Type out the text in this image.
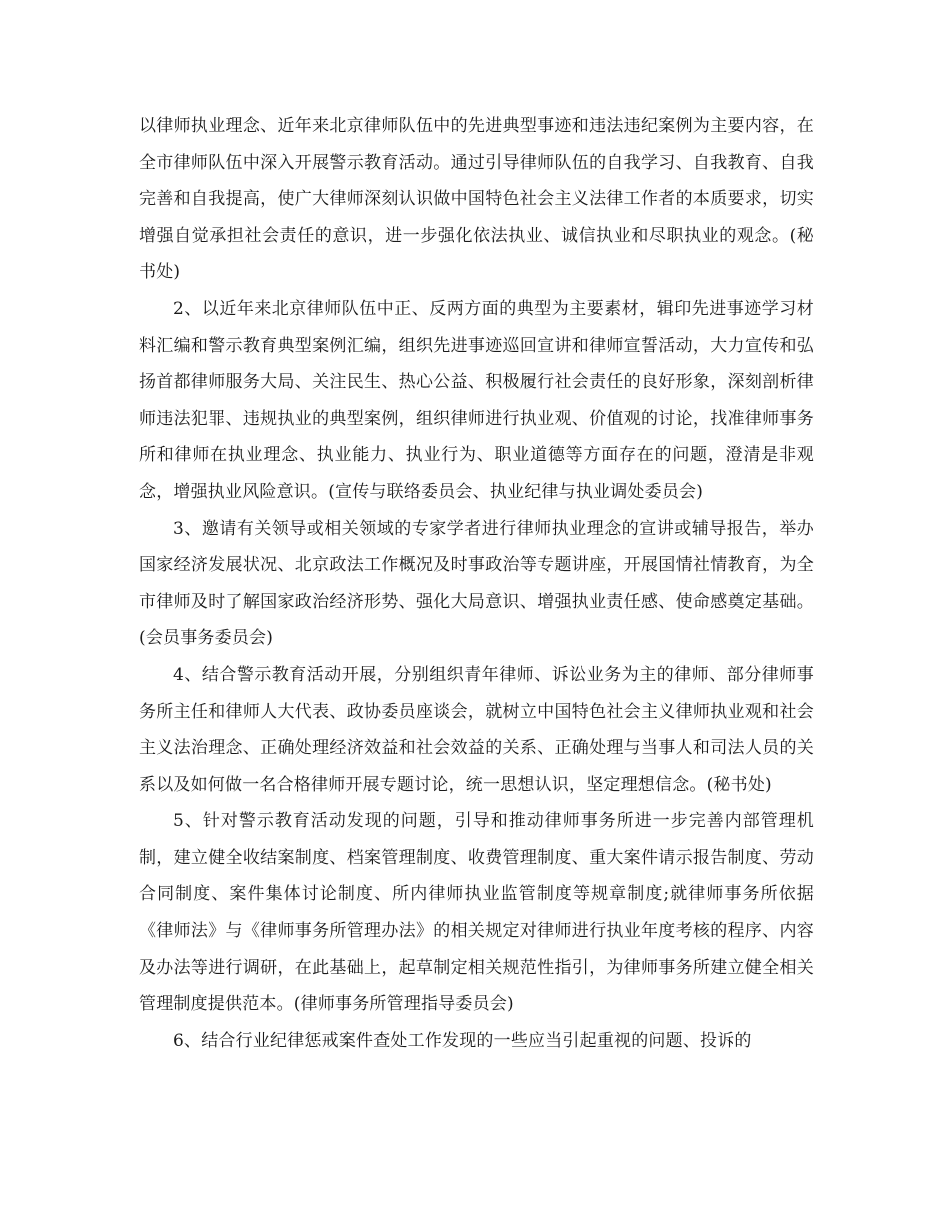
以律师执业理念、近年来北京律师队伍中的先进典型事迹和违法违纪案例为主要内容，在全市律师队伍中深入开展警示教育活动。通过引导律师队伍的自我学习、自我教育、自我完善和自我提高，使广大律师深刻认识做中国特色社会主义法律工作者的本质要求，切实增强自觉承担社会责任的意识，进一步强化依法执业、诚信执业和尽职执业的观念。(秘书处)

2、以近年来北京律师队伍中正、反两方面的典型为主要素材，辑印先进事迹学习材料汇编和警示教育典型案例汇编，组织先进事迹巡回宣讲和律师宣誓活动，大力宣传和弘扬首都律师服务大局、关注民生、热心公益、积极履行社会责任的良好形象，深刻剖析律师违法犯罪、违规执业的典型案例，组织律师进行执业观、价值观的讨论，找准律师事务所和律师在执业理念、执业能力、执业行为、职业道德等方面存在的问题，澄清是非观念，增强执业风险意识。(宣传与联络委员会、执业纪律与执业调处委员会)

3、邀请有关领导或相关领域的专家学者进行律师执业理念的宣讲或辅导报告，举办国家经济发展状况、北京政法工作概况及时事政治等专题讲座，开展国情社情教育，为全市律师及时了解国家政治经济形势、强化大局意识、增强执业责任感、使命感奠定基础。(会员事务委员会)

4、结合警示教育活动开展，分别组织青年律师、诉讼业务为主的律师、部分律师事务所主任和律师人大代表、政协委员座谈会，就树立中国特色社会主义律师执业观和社会主义法治理念、正确处理经济效益和社会效益的关系、正确处理与当事人和司法人员的关系以及如何做一名合格律师开展专题讨论，统一思想认识，坚定理想信念。(秘书处)

5、针对警示教育活动发现的问题，引导和推动律师事务所进一步完善内部管理机制，建立健全收结案制度、档案管理制度、收费管理制度、重大案件请示报告制度、劳动合同制度、案件集体讨论制度、所内律师执业监管制度等规章制度;就律师事务所依据《律师法》与《律师事务所管理办法》的相关规定对律师进行执业年度考核的程序、内容及办法等进行调研，在此基础上，起草制定相关规范性指引，为律师事务所建立健全相关管理制度提供范本。(律师事务所管理指导委员会)

6、结合行业纪律惩戒案件查处工作发现的一些应当引起重视的问题、投诉的
